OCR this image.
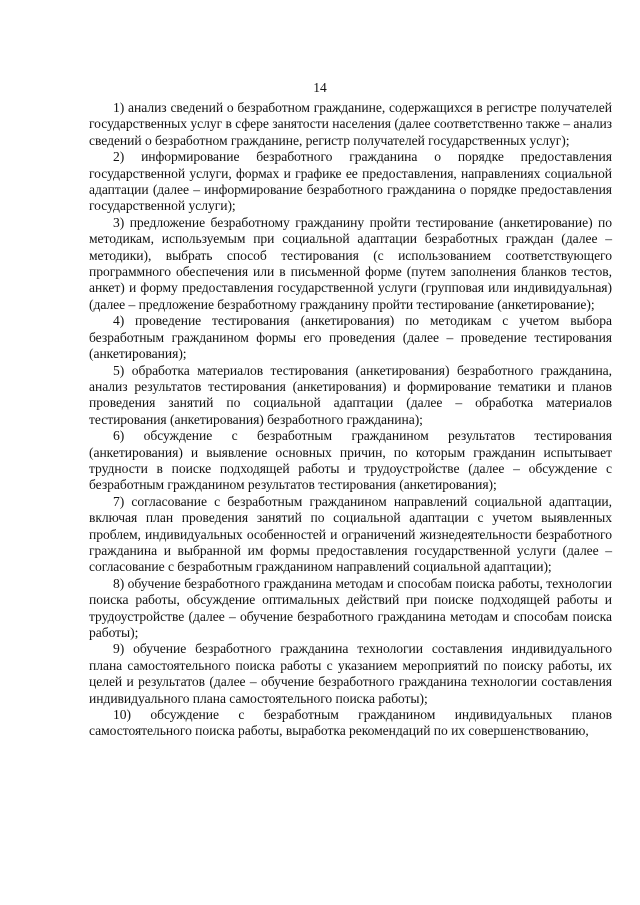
14

1) анализ сведений о безработном гражданине, содержащихся в регистре получателей государственных услуг в сфере занятости населения (далее соответственно также – анализ сведений о безработном гражданине, регистр получателей государственных услуг);

2) информирование безработного гражданина о порядке предоставления государственной услуги, формах и графике ее предоставления, направлениях социальной адаптации (далее – информирование безработного гражданина о порядке предоставления государственной услуги);

3) предложение безработному гражданину пройти тестирование (анкетирование) по методикам, используемым при социальной адаптации безработных граждан (далее – методики), выбрать способ тестирования (с использованием соответствующего программного обеспечения или в письменной форме (путем заполнения бланков тестов, анкет) и форму предоставления государственной услуги (групповая или индивидуальная) (далее – предложение безработному гражданину пройти тестирование (анкетирование);

4) проведение тестирования (анкетирования) по методикам с учетом выбора безработным гражданином формы его проведения (далее – проведение тестирования (анкетирования);

5) обработка материалов тестирования (анкетирования) безработного гражданина, анализ результатов тестирования (анкетирования) и формирование тематики и планов проведения занятий по социальной адаптации (далее – обработка материалов тестирования (анкетирования) безработного гражданина);

6) обсуждение с безработным гражданином результатов тестирования (анкетирования) и выявление основных причин, по которым гражданин испытывает трудности в поиске подходящей работы и трудоустройстве (далее – обсуждение с безработным гражданином результатов тестирования (анкетирования);

7) согласование с безработным гражданином направлений социальной адаптации, включая план проведения занятий по социальной адаптации с учетом выявленных проблем, индивидуальных особенностей и ограничений жизнедеятельности безработного гражданина и выбранной им формы предоставления государственной услуги (далее – согласование с безработным гражданином направлений социальной адаптации);

8) обучение безработного гражданина методам и способам поиска работы, технологии поиска работы, обсуждение оптимальных действий при поиске подходящей работы и трудоустройстве (далее – обучение безработного гражданина методам и способам поиска работы);

9) обучение безработного гражданина технологии составления индивидуального плана самостоятельного поиска работы с указанием мероприятий по поиску работы, их целей и результатов (далее – обучение безработного гражданина технологии составления индивидуального плана самостоятельного поиска работы);

10) обсуждение с безработным гражданином индивидуальных планов самостоятельного поиска работы, выработка рекомендаций по их совершенствованию,
